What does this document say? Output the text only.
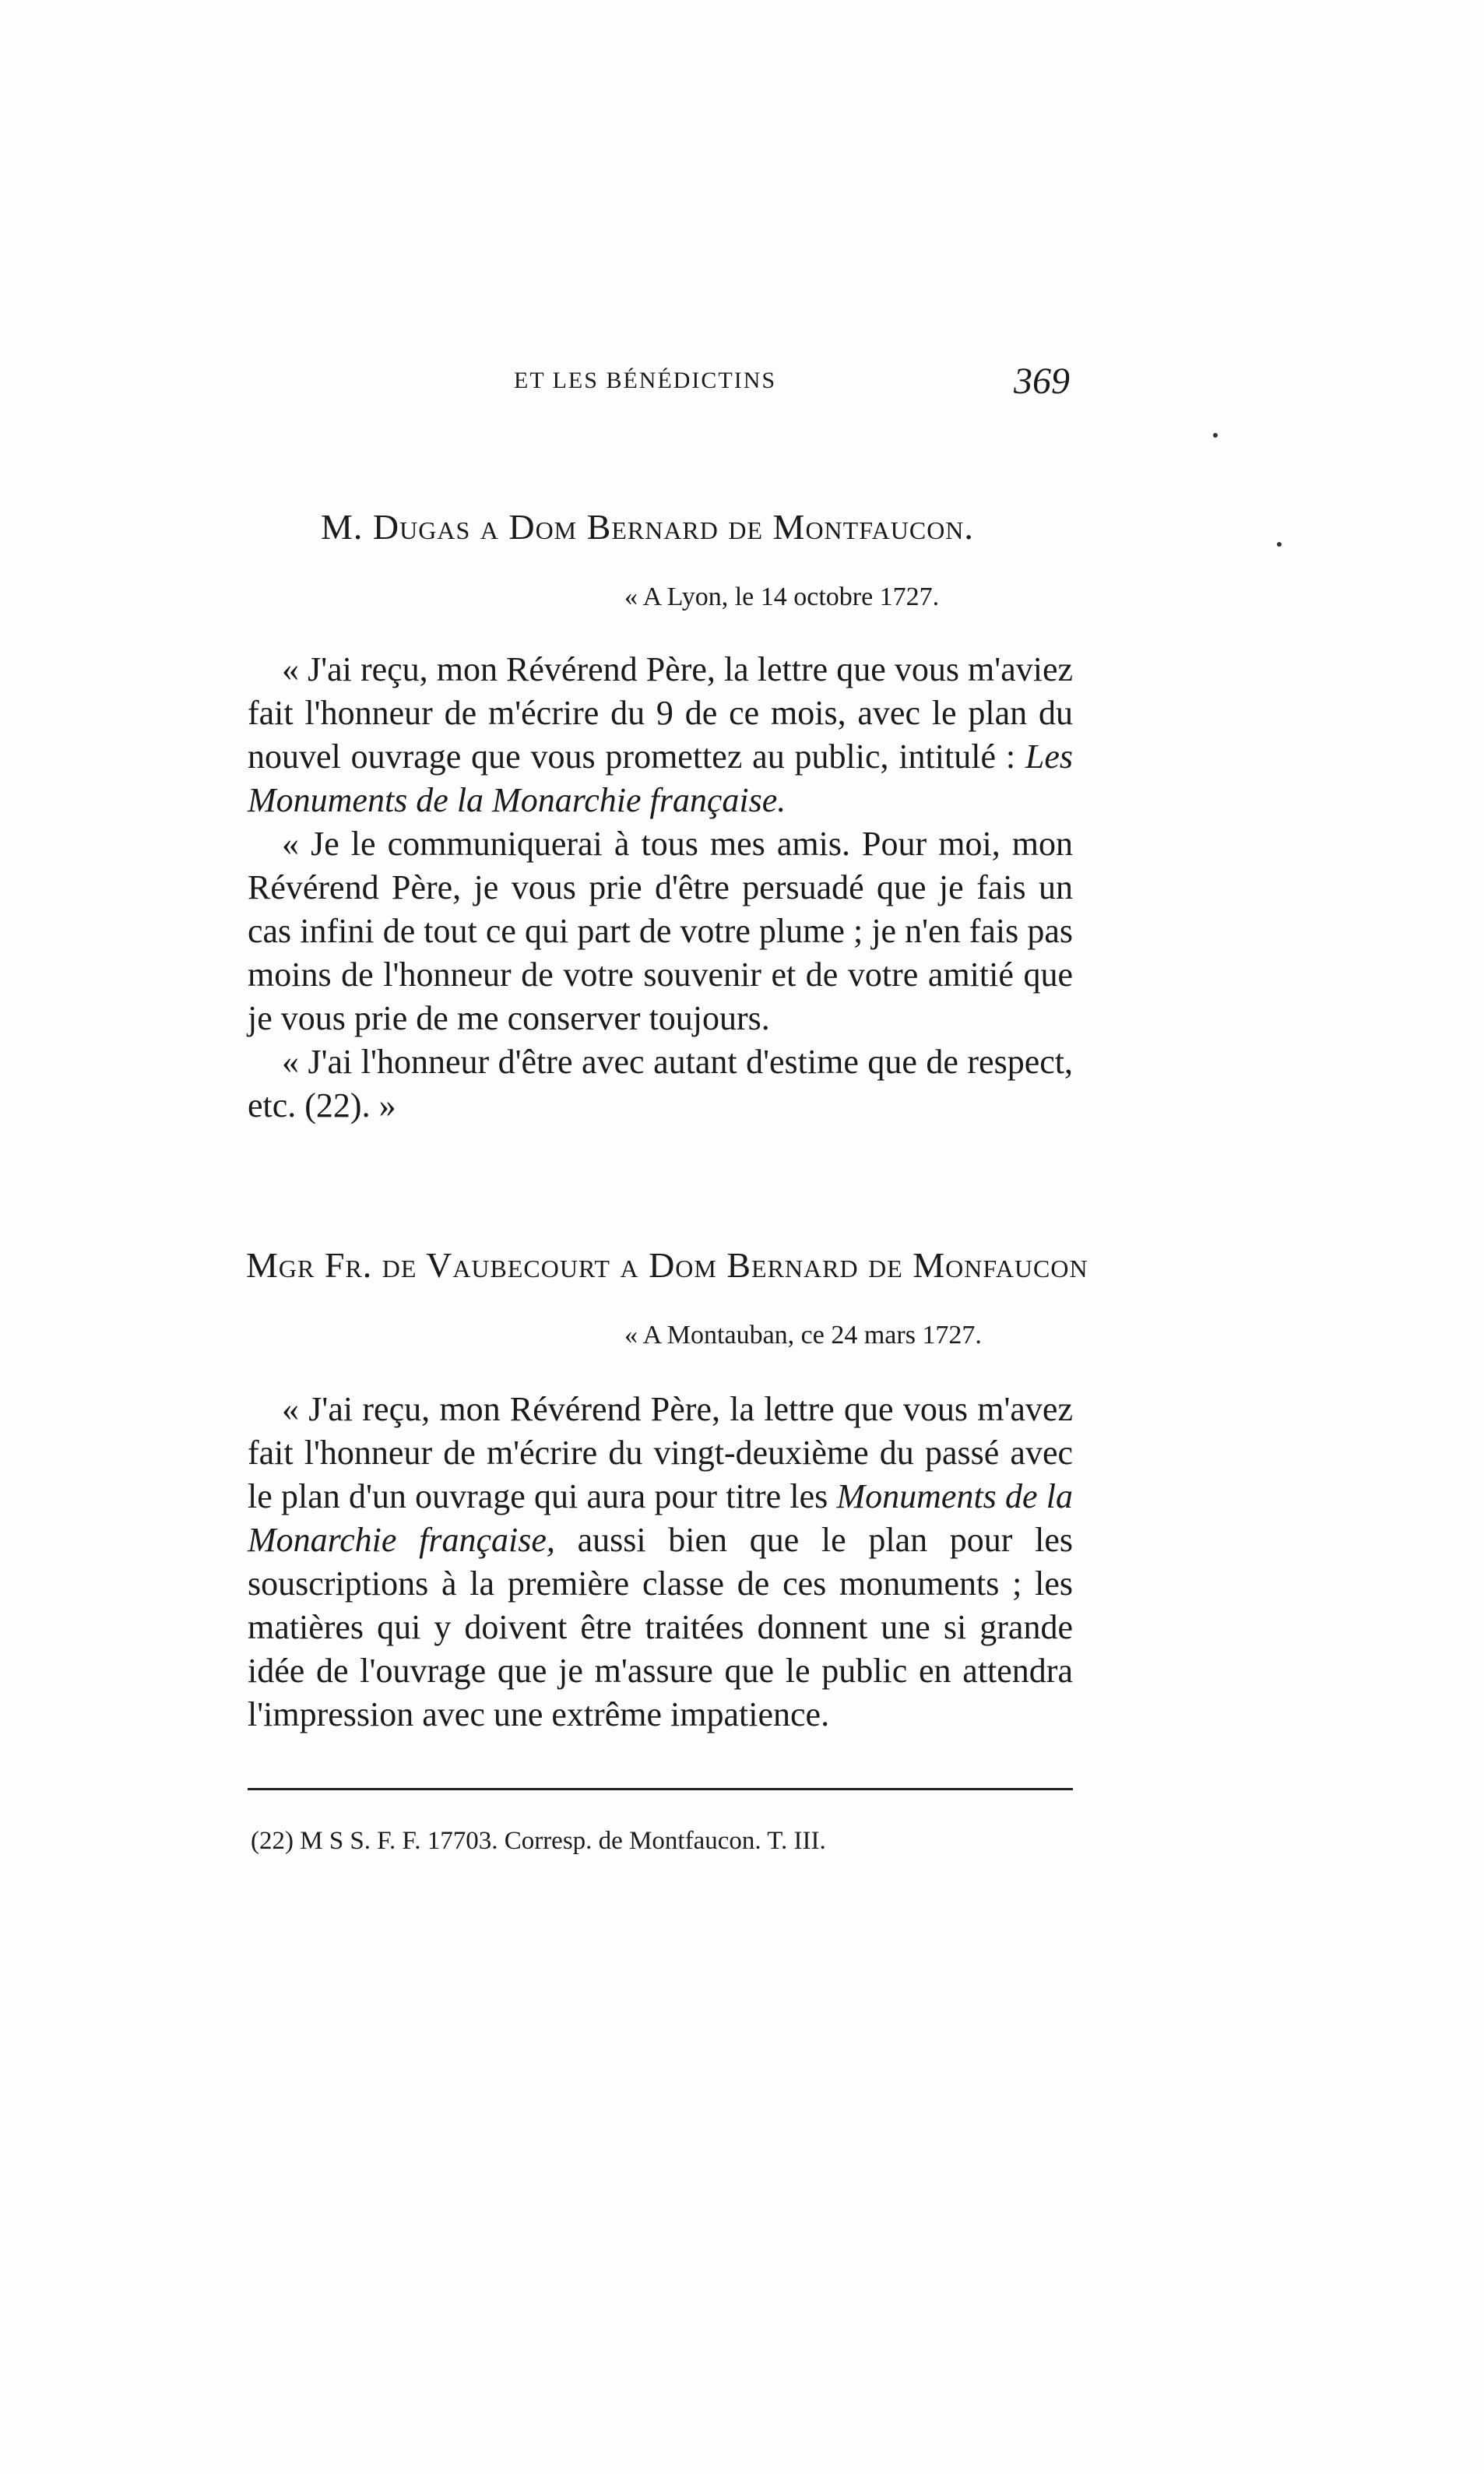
ET LES BÉNÉDICTINS	369
M. Dugas a Dom Bernard de Montfaucon.
« A Lyon, le 14 octobre 1727.

« J'ai reçu, mon Révérend Père, la lettre que vous m'aviez fait l'honneur de m'écrire du 9 de ce mois, avec le plan du nouvel ouvrage que vous promettez au public, intitulé : Les Monuments de la Monarchie française.

« Je le communiquerai à tous mes amis. Pour moi, mon Révérend Père, je vous prie d'être persuadé que je fais un cas infini de tout ce qui part de votre plume ; je n'en fais pas moins de l'honneur de votre souvenir et de votre amitié que je vous prie de me conserver toujours.

« J'ai l'honneur d'être avec autant d'estime que de respect, etc. (22). »

Mgr Fr. de Vaubecourt a Dom Bernard de Monfaucon
« A Montauban, ce 24 mars 1727.

« J'ai reçu, mon Révérend Père, la lettre que vous m'avez fait l'honneur de m'écrire du vingt-deuxième du passé avec le plan d'un ouvrage qui aura pour titre les Monuments de la Monarchie française, aussi bien que le plan pour les souscriptions à la première classe de ces monuments ; les matières qui y doivent être traitées donnent une si grande idée de l'ouvrage que je m'assure que le public en attendra l'impression avec une extrême impatience.

(22) M S S. F. F. 17703. Corresp. de Montfaucon. T. III.
